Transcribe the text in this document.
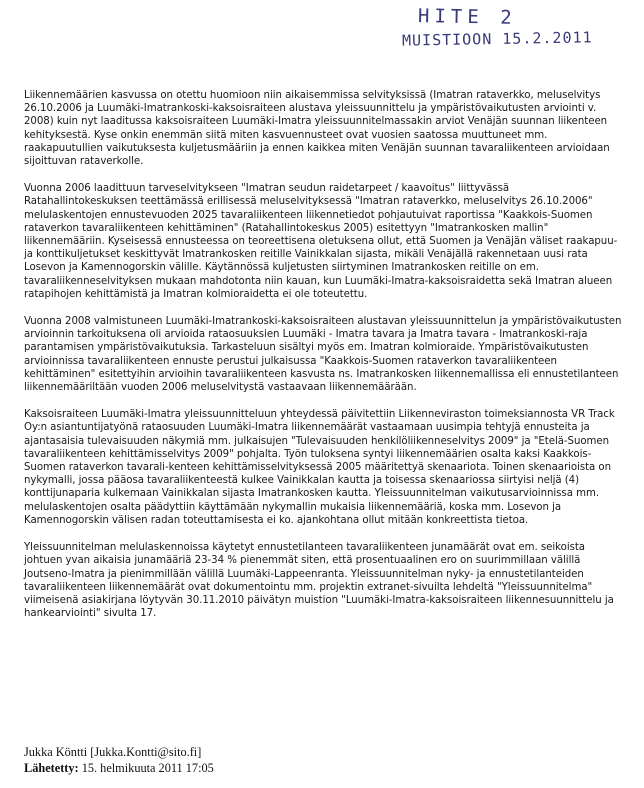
HITE 2
MUISTIOON 15.2.2011

Liikennemäärien kasvussa on otettu huomioon niin aikaisemmissa selvityksissä (Imatran rataverkko, meluselvitys 26.10.2006 ja Luumäki-Imatrankoski-kaksoisraiteen alustava yleissuunnittelu ja ympäristövaikutusten arviointi v. 2008) kuin nyt laaditussa kaksoisraiteen Luumäki-Imatra yleissuunnitelmassakin arviot Venäjän suunnan liikenteen kehityksestä. Kyse onkin enemmän siitä miten kasvuennusteet ovat vuosien saatossa muuttuneet mm. raakapuutullien vaikutuksesta kuljetusmääriin ja ennen kaikkea miten Venäjän suunnan tavaraliikenteen arvioidaan sijoittuvan rataverkolle.

Vuonna 2006 laadittuun tarveselvitykseen "Imatran seudun raidetarpeet / kaavoitus" liittyvässä Ratahallintokeskuksen teettämässä erillisessä meluselvityksessä "Imatran rataverkko, meluselvitys 26.10.2006" melulaskentojen ennustevuoden 2025 tavaraliikenteen liikennetiedot pohjautuivat raportissa "Kaakkois-Suomen rataverkon tavaraliikenteen kehittäminen" (Ratahallintokeskus 2005) esitettyyn "Imatrankosken mallin" liikennemääriin. Kyseisessä ennusteessa on teoreettisena oletuksena ollut, että Suomen ja Venäjän väliset raakapuu- ja konttikuljetukset keskittyvät Imatrankosken reitille Vainikkalan sijasta, mikäli Venäjällä rakennetaan uusi rata Losevon ja Kamennogorskin välille. Käytännössä kuljetusten siirtyminen Imatrankosken reitille on em. tavaraliikenneselvityksen mukaan mahdotonta niin kauan, kun Luumäki-Imatra-kaksoisraidetta sekä Imatran alueen ratapihojen kehittämistä ja Imatran kolmioraidetta ei ole toteutettu.

Vuonna 2008 valmistuneen Luumäki-Imatrankoski-kaksoisraiteen alustavan yleissuunnittelun ja ympäristövaikutusten arvioinnin tarkoituksena oli arvioida rataosuuksien Luumäki - Imatra tavara ja Imatra tavara - Imatrankoski-raja parantamisen ympäristövaikutuksia. Tarkasteluun sisältyi myös em. Imatran kolmioraide. Ympäristövaikutusten arvioinnissa tavaraliikenteen ennuste perustui julkaisussa "Kaakkois-Suomen rataverkon tavaraliikenteen kehittäminen" esitettyihin arvioihin tavaraliikenteen kasvusta ns. Imatrankosken liikennemallissa eli ennustetilanteen liikennemääriltään vuoden 2006 meluselvitystä vastaavaan liikennemäärään.

Kaksoisraiteen Luumäki-Imatra yleissuunnitteluun yhteydessä päivitettiin Liikenneviraston toimeksiannosta VR Track Oy:n asiantuntijatyönä rataosuuden Luumäki-Imatra liikennemäärät vastaamaan uusimpia tehtyjä ennusteita ja ajantasaisia tulevaisuuden näkymiä mm. julkaisujen "Tulevaisuuden henkilöliikenneselvitys 2009" ja "Etelä-Suomen tavaraliikenteen kehittämisselvitys 2009" pohjalta. Työn tuloksena syntyi liikennemäärien osalta kaksi Kaakkois-Suomen rataverkon tavarali-kenteen kehittämisselvityksessä 2005 määritettyä skenaariota. Toinen skenaarioista on nykymalli, jossa pääosa tavaraliikenteestä kulkee Vainikkalan kautta ja toisessa skenaariossa siirtyisi neljä (4) konttijunaparia kulkemaan Vainikkalan sijasta Imatrankosken kautta. Yleissuunnitelman vaikutusarvioinnissa mm. melulaskentojen osalta päädyttiin käyttämään nykymallin mukaisia liikennemääriä, koska mm. Losevon ja Kamennogorskin välisen radan toteuttamisesta ei ko. ajankohtana ollut mitään konkreettista tietoa.

Yleissuunnitelman melulaskennoissa käytetyt ennustetilanteen tavaraliikenteen junamäärät ovat em. seikoista johtuen yvan aikaisia junamääriä 23-34 % pienemmät siten, että prosentuaalinen ero on suurimmillaan välillä Joutseno-Imatra ja pienimmillään välillä Luumäki-Lappeenranta. Yleissuunnitelman nyky- ja ennustetilanteiden tavaraliikenteen liikennemäärät ovat dokumentointu mm. projektin extranet-sivuilta lehdeltä "Yleissuunnitelma" viimeisenä asiakirjana löytyvän 30.11.2010 päivätyn muistion "Luumäki-Imatra-kaksoisraiteen liikennesuunnittelu ja hankearviointi" sivulta 17.

Jukka Köntti [Jukka.Kontti@sito.fi]
Lähetetty: 15. helmikuuta 2011 17:05
